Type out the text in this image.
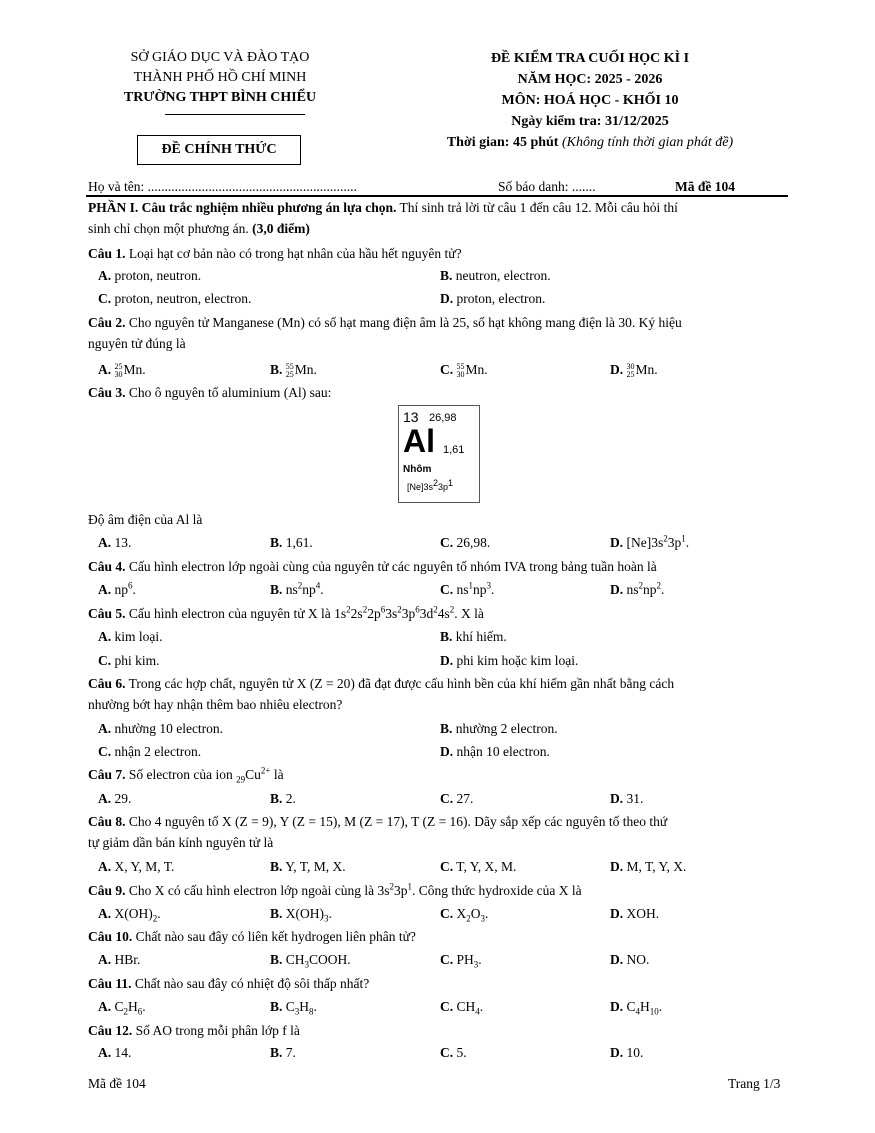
SỞ GIÁO DỤC VÀ ĐÀO TẠO
THÀNH PHỐ HỒ CHÍ MINH
TRƯỜNG THPT BÌNH CHIỂU
ĐỀ CHÍNH THỨC
ĐỀ KIỂM TRA CUỐI HỌC KÌ I
NĂM HỌC: 2025 - 2026
MÔN: HOÁ HỌC - KHỐI 10
Ngày kiểm tra: 31/12/2025
Thời gian: 45 phút (Không tính thời gian phát đề)
Họ và tên: ..............................................................	Số báo danh: .......	Mã đề 104
PHẦN I. Câu trắc nghiệm nhiều phương án lựa chọn. Thí sinh trả lời từ câu 1 đến câu 12. Mỗi câu hỏi thí
sinh chỉ chọn một phương án. (3,0 điểm)
Câu 1. Loại hạt cơ bản nào có trong hạt nhân của hầu hết nguyên tử?
A. proton, neutron.	B. neutron, electron.
C. proton, neutron, electron.	D. proton, electron.
Câu 2. Cho nguyên tử Manganese (Mn) có số hạt mang điện âm là 25, số hạt không mang điện là 30. Ký hiệu
nguyên tử đúng là
A. 25
30 Mn.	B. 55
25 Mn.	C. 55
30 Mn.	D. 30
25 Mn.
Câu 3. Cho ô nguyên tố aluminium (Al) sau:
13 26,98
Al 1,61
Nhôm
$[Ne]3s^23p^1$
Độ âm điện của Al là
A. 13.	B. 1,61.	C. 26,98.	D. $[Ne]3s^23p^1$.
Câu 4. Cấu hình electron lớp ngoài cùng của nguyên tử các nguyên tố nhóm IVA trong bảng tuần hoàn là
A. $np^6$.	B. $ns^2np^4$.	C. $ns^1np^3$.	D. $ns^2np^2$.
Câu 5. Cấu hình electron của nguyên tử X là $1s^22s^22p^63s^23p^63d^24s^2$. X là
A. kim loại.	B. khí hiếm.
C. phi kim.	D. phi kim hoặc kim loại.
Câu 6. Trong các hợp chất, nguyên tử X (Z = 20) đã đạt được cấu hình bền của khí hiếm gần nhất bằng cách
nhường bớt hay nhận thêm bao nhiêu electron?
A. nhường 10 electron.	B. nhường 2 electron.
C. nhận 2 electron.	D. nhận 10 electron.
Câu 7. Số electron của ion $_{29}Cu^{2+}$ là
A. 29.	B. 2.	C. 27.	D. 31.
Câu 8. Cho 4 nguyên tố X (Z = 9), Y (Z = 15), M (Z = 17), T (Z = 16). Dãy sắp xếp các nguyên tố theo thứ
tự giảm dần bán kính nguyên tử là
A. X, Y, M, T.	B. Y, T, M, X.	C. T, Y, X, M.	D. M, T, Y, X.
Câu 9. Cho X có cấu hình electron lớp ngoài cùng là $3s^23p^1$. Công thức hydroxide của X là
A. $X(OH)_2$.	B. $X(OH)_3$.	C. $X_2O_3$.	D. XOH.
Câu 10. Chất nào sau đây có liên kết hydrogen liên phân tử?
A. HBr.	B. $CH_3COOH$.	C. $PH_3$.	D. NO.
Câu 11. Chất nào sau đây có nhiệt độ sôi thấp nhất?
A. $C_2H_6$.	B. $C_3H_8$.	C. $CH_4$.	D. $C_4H_{10}$.
Câu 12. Số AO trong mỗi phân lớp f là
A. 14.	B. 7.	C. 5.	D. 10.
Mã đề 104	Trang 1/3
